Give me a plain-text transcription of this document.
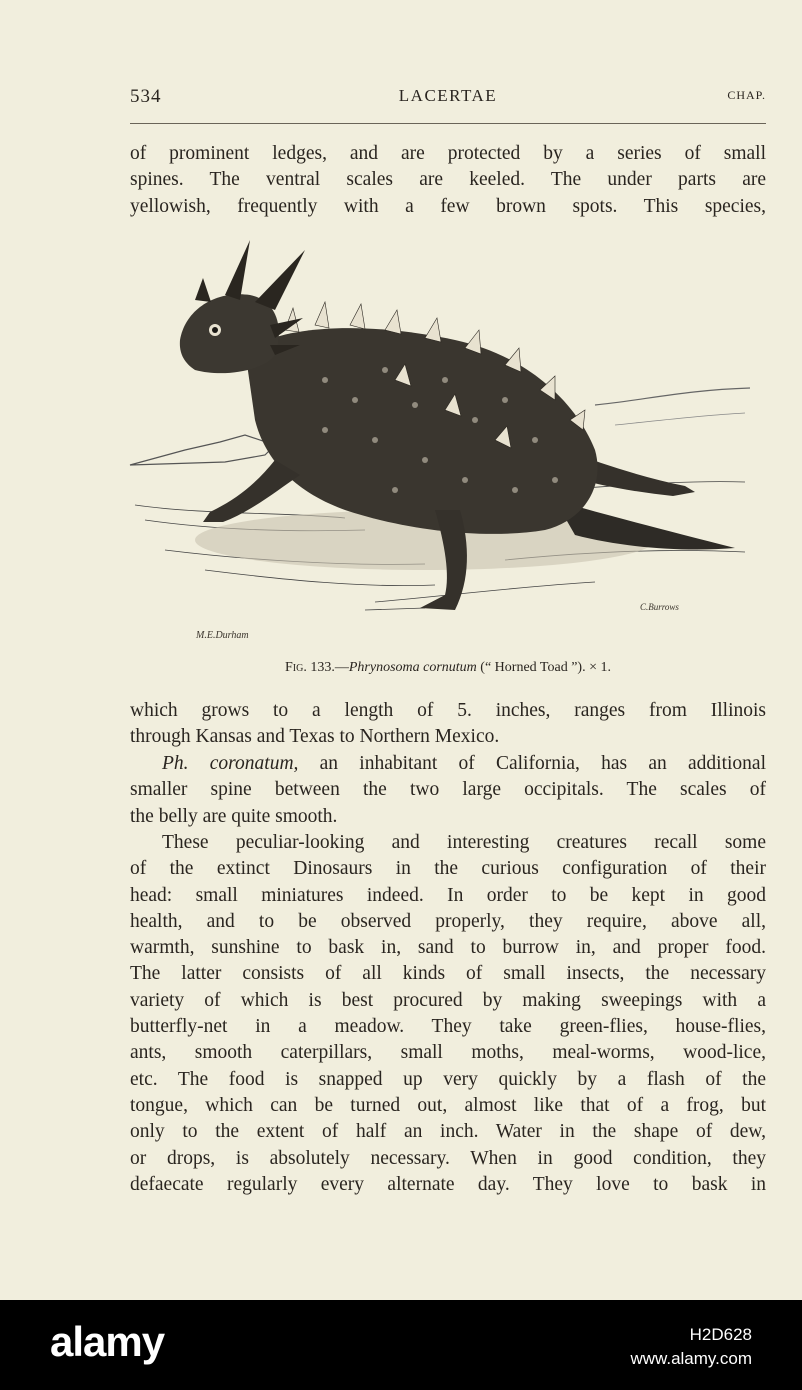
534	LACERTAE	CHAP.
of prominent ledges, and are protected by a series of small
spines. The ventral scales are keeled. The under parts are
yellowish, frequently with a few brown spots. This species,
M.E.Durham
C.Burrows
Fig. 133.—Phrynosoma cornutum (“ Horned Toad ”). × 1.
which grows to a length of 5. inches, ranges from Illinois
through Kansas and Texas to Northern Mexico.
Ph. coronatum, an inhabitant of California, has an additional
smaller spine between the two large occipitals. The scales of
the belly are quite smooth.
These peculiar-looking and interesting creatures recall some
of the extinct Dinosaurs in the curious configuration of their
head: small miniatures indeed. In order to be kept in good
health, and to be observed properly, they require, above all,
warmth, sunshine to bask in, sand to burrow in, and proper food.
The latter consists of all kinds of small insects, the necessary
variety of which is best procured by making sweepings with a
butterfly-net in a meadow. They take green-flies, house-flies,
ants, smooth caterpillars, small moths, meal-worms, wood-lice,
etc. The food is snapped up very quickly by a flash of the
tongue, which can be turned out, almost like that of a frog, but
only to the extent of half an inch. Water in the shape of dew,
or drops, is absolutely necessary. When in good condition, they
defaecate regularly every alternate day. They love to bask in
alamy	H2D628
www.alamy.com
